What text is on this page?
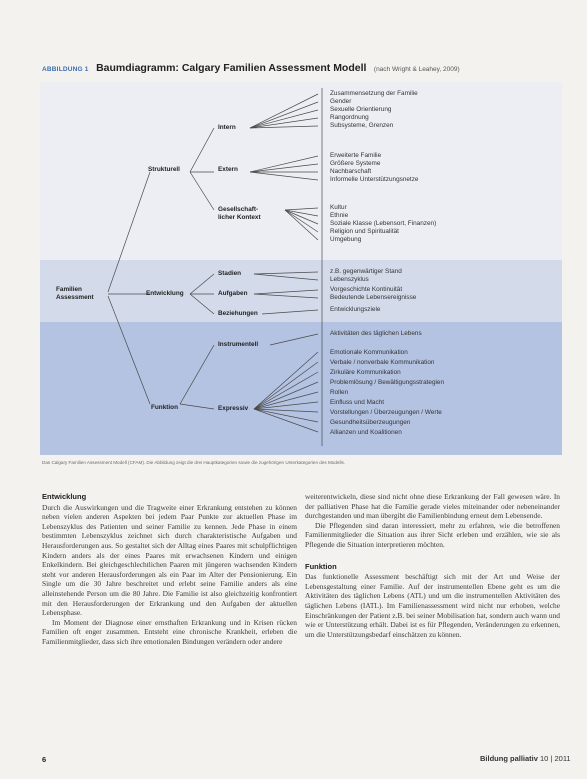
ABBILDUNG 1 Baumdiagramm: Calgary Familien Assessment Modell (nach Wright & Leahey, 2009)
Familien Assessment
Strukturell
Entwicklung
Funktion
Intern
Extern
Gesellschaft-
licher Kontext
Stadien
Aufgaben
Beziehungen
Instrumentell
Expressiv
Zusammensetzung der Familie
Gender
Sexuelle Orientierung
Rangordnung
Subsysteme, Grenzen
Erweiterte Familie
Größere Systeme
Nachbarschaft
Informelle Unterstützungsnetze
Kultur
Ethnie
Soziale Klasse (Lebensort, Finanzen)
Religion und Spiritualität
Umgebung
z.B. gegenwärtiger Stand
Lebenszyklus
Vorgeschichte Kontinuität
Bedeutende Lebensereignisse
Entwicklungsziele
Aktivitäten des täglichen Lebens
Emotionale Kommunikation
Verbale / nonverbale Kommunikation
Zirkuläre Kommunikation
Problemlösung / Bewältigungsstrategien
Rollen
Einfluss und Macht
Vorstellungen / Überzeugungen / Werte
Gesundheitsüberzeugungen
Allianzen und Koalitionen
Das Calgary Familien Assessment Modell (CFAM). Die Abbildung zeigt die drei Hauptkategorien sowie die zugehörigen Unterkategorien des Modells.
Entwicklung

Durch die Auswirkungen und die Tragweite einer Erkrankung entstehen zu können neben vielen anderen Aspekten bei jedem Paar Punkte zur aktuellen Phase im Lebenszyklus des Patienten und seiner Familie zu kennen. Jede Phase in einem bestimmten Lebenszyklus zeichnet sich durch charakteristische Aufgaben und Herausforderungen aus. So gestaltet sich der Alltag eines Paares mit schulpflichtigen Kindern anders als der eines Paares mit erwachsenen Kindern und einigen Enkelkindern. Bei gleichgeschlechtlichen Paaren mit jüngeren wachsenden Kindern steht vor anderen Herausforderungen als ein Paar im Alter der Pensionierung. Ein Single um die 30 Jahre beschreitet und erlebt seine Familie anders als eine alleinstehende Person um die 80 Jahre. Die Familie ist also gleichzeitig konfrontiert mit den Herausforderungen der Erkrankung und den Aufgaben der aktuellen Lebensphase.

Im Moment der Diagnose einer ernsthaften Erkrankung und in Krisen rücken Familien oft enger zusammen. Entsteht eine chronische Krankheit, erleben die Familienmitglieder, dass sich ihre emotionalen Bindungen verändern oder andere

weiterentwickeln, diese sind nicht ohne diese Erkrankung der Fall gewesen wäre. In der palliativen Phase hat die Familie gerade vieles miteinander oder nebeneinander durchgestanden und man übergibt die Familienbindung erneut dem Lebensende.

Die Pflegenden sind daran interessiert, mehr zu erfahren, wie die betroffenen Familienmitglieder die Situation aus ihrer Sicht erleben und erzählen, wie sie als Pflegende die Situation interpretieren möchten.

Funktion

Das funktionelle Assessment beschäftigt sich mit der Art und Weise der Lebensgestaltung einer Familie. Auf der instrumentellen Ebene geht es um die Aktivitäten des täglichen Lebens (ATL) und um die instrumentellen Aktivitäten des täglichen Lebens (IATL). Im Familienassessment wird nicht nur erhoben, welche Einschränkungen der Patient z.B. bei seiner Mobilisation hat, sondern auch wann und wie er Unterstützung erhält. Dabei ist es für Pflegenden, Veränderungen zu erkennen, um die Unterstützungsbedarf einschätzen zu können.

6	Bildung palliativ 10 | 2011
